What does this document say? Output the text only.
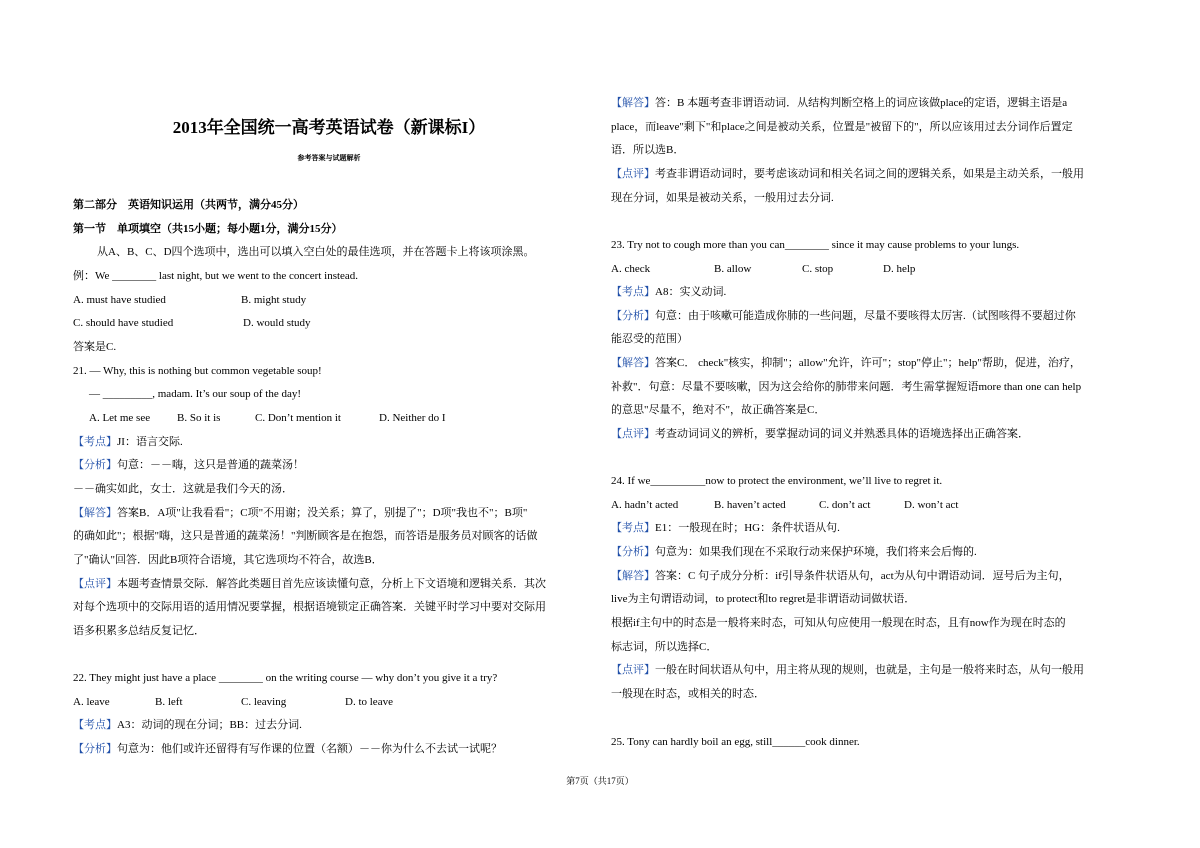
2013年全国统一高考英语试卷（新课标I）
参考答案与试题解析
第二部分　英语知识运用（共两节，满分45分）
第一节　单项填空（共15小题；每小题1分，满分15分）
从A、B、C、D四个选项中，选出可以填入空白处的最佳选项，并在答题卡上将该项涂黑。
例：We ________ last night, but we went to the concert instead.
A. must have studied	B. might study
C. should have studied	D. would study
答案是C.
21. — Why, this is nothing but common vegetable soup!
— _________, madam. It’s our soup of the day!
A. Let me see B. So it is	C. Don’t mention it	D. Neither do I
【考点】JI：语言交际.
【分析】句意：－－嗨，这只是普通的蔬菜汤！
－－确实如此，女士．这就是我们今天的汤．
【解答】答案B．A项"让我看看"；C项"不用谢；没关系；算了，别提了"；D项"我也不"；B项"
的确如此"；根据"嗨，这只是普通的蔬菜汤！"判断顾客是在抱怨，而答语是服务员对顾客的话做
了"确认"回答．因此B项符合语境，其它选项均不符合，故选B．
【点评】本题考查情景交际．解答此类题目首先应该读懂句意，分析上下文语境和逻辑关系．其次
对每个选项中的交际用语的适用情况要掌握，根据语境锁定正确答案．关键平时学习中要对交际用
语多积累多总结反复记忆．
22. They might just have a place ________ on the writing course — why don’t you give it a try?
A. leave	B. left	C. leaving	D. to leave
【考点】A3：动词的现在分词；BB：过去分词.
【分析】句意为：他们或许还留得有写作课的位置（名额）－－你为什么不去试一试呢？
【解答】答：B 本题考查非谓语动词．从结构判断空格上的词应该做place的定语，逻辑主语是a
place，而leave"剩下"和place之间是被动关系，位置是"被留下的"，所以应该用过去分词作后置定
语．所以选B．
【点评】考查非谓语动词时，要考虑该动词和相关名词之间的逻辑关系，如果是主动关系，一般用
现在分词，如果是被动关系，一般用过去分词.
23. Try not to cough more than you can________ since it may cause problems to your lungs.
A. check	B. allow	C. stop	D. help
【考点】A8：实义动词.
【分析】句意：由于咳嗽可能造成你肺的一些问题，尽量不要咳得太厉害.（试图咳得不要超过你
能忍受的范围）
【解答】答案C． check"核实，抑制"；allow"允许，许可"；stop"停止"；help"帮助，促进，治疗，
补救"．句意：尽量不要咳嗽，因为这会给你的肺带来问题．考生需掌握短语more than one can help
的意思"尽量不，绝对不"，故正确答案是C．
【点评】考查动词词义的辨析，要掌握动词的词义并熟悉具体的语境选择出正确答案．
24. If we__________now to protect the environment, we’ll live to regret it.
A. hadn’t acted	B. haven’t acted	C. don’t act	D. won’t act
【考点】E1：一般现在时；HG：条件状语从句.
【分析】句意为：如果我们现在不采取行动来保护环境，我们将来会后悔的.
【解答】答案：C 句子成分分析：if引导条件状语从句，act为从句中谓语动词．逗号后为主句，
live为主句谓语动词，to protect和to regret是非谓语动词做状语．
根据if主句中的时态是一般将来时态，可知从句应使用一般现在时态，且有now作为现在时态的
标志词，所以选择C．
【点评】一般在时间状语从句中，用主将从现的规则，也就是，主句是一般将来时态，从句一般用
一般现在时态，或相关的时态．
25. Tony can hardly boil an egg, still______cook dinner.
第7页（共17页）
